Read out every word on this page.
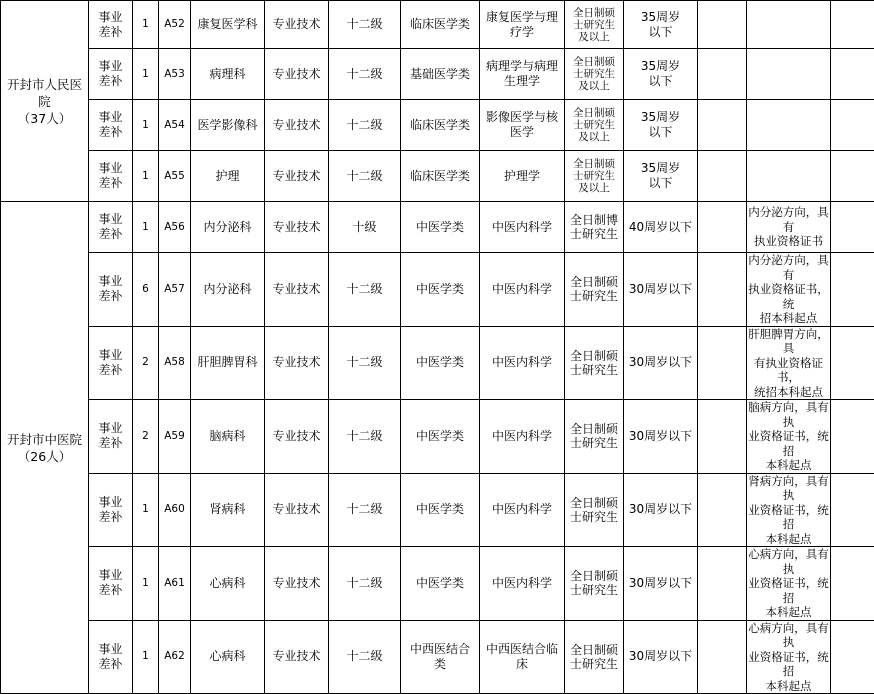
开封市人民医院
（37人）	事业
差补	1	A52	康复医学科	专业技术	十二级	临床医学类	康复医学与理
疗学	全日制硕
士研究生
及以上	35周岁
以下			
	事业
差补	1	A53	病理科	专业技术	十二级	基础医学类	病理学与病理
生理学	全日制硕
士研究生
及以上	35周岁
以下			
	事业
差补	1	A54	医学影像科	专业技术	十二级	临床医学类	影像医学与核
医学	全日制硕
士研究生
及以上	35周岁
以下			
	事业
差补	1	A55	护理	专业技术	十二级	临床医学类	护理学	全日制硕
士研究生
及以上	35周岁
以下			
开封市中医院
（26人）	事业
差补	1	A56	内分泌科	专业技术	十级	中医学类	中医内科学	全日制博
士研究生	40周岁以下		内分泌方向，具有
执业资格证书	
	事业
差补	6	A57	内分泌科	专业技术	十二级	中医学类	中医内科学	全日制硕
士研究生	30周岁以下		内分泌方向，具有
执业资格证书，统
招本科起点	
	事业
差补	2	A58	肝胆脾胃科	专业技术	十二级	中医学类	中医内科学	全日制硕
士研究生	30周岁以下		肝胆脾胃方向，具
有执业资格证书，
统招本科起点	
	事业
差补	2	A59	脑病科	专业技术	十二级	中医学类	中医内科学	全日制硕
士研究生	30周岁以下		脑病方向，具有执
业资格证书，统招
本科起点	
	事业
差补	1	A60	肾病科	专业技术	十二级	中医学类	中医内科学	全日制硕
士研究生	30周岁以下		肾病方向，具有执
业资格证书，统招
本科起点	
	事业
差补	1	A61	心病科	专业技术	十二级	中医学类	中医内科学	全日制硕
士研究生	30周岁以下		心病方向，具有执
业资格证书，统招
本科起点	
	事业
差补	1	A62	心病科	专业技术	十二级	中西医结合
类	中西医结合临
床	全日制硕
士研究生	30周岁以下		心病方向，具有执
业资格证书，统招
本科起点	
